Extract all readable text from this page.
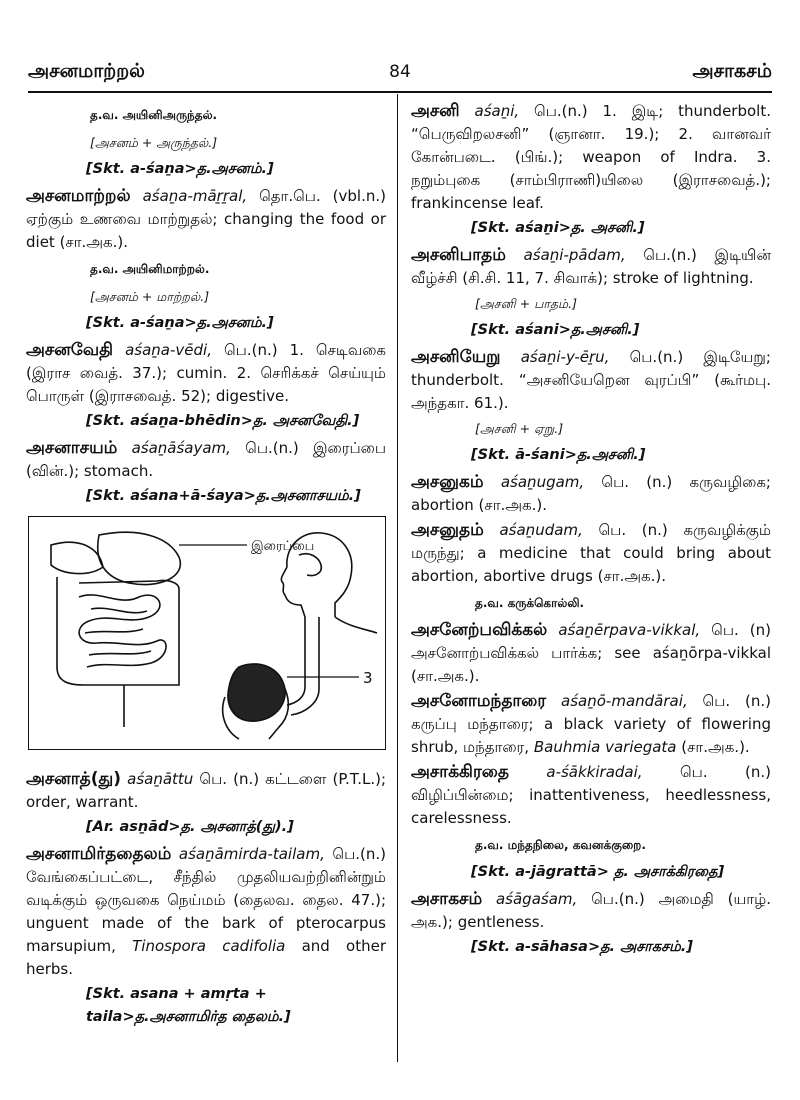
அசனமாற்றல்	84	அசாகசம்
த.வ. அயினிஅருந்தல்.
[அசனம் + அருந்தல்.]
[Skt. a-śaṉa>த.அசனம்.]
அசனமாற்றல் aśaṉa-māṟṟal, தொ.பெ. (vbl.n.) ஏற்கும் உணவை மாற்றுதல்; changing the food or diet (சா.அக.).
த.வ. அயினிமாற்றல்.
[அசனம் + மாற்றல்.]
[Skt. a-śaṉa>த.அசனம்.]
அசனவேதி aśaṉa-vēdi, பெ.(n.) 1. செடிவகை (இராச வைத். 37.); cumin. 2. செரிக்கச் செய்யும் பொருள் (இராசவைத். 52); digestive.
[Skt. aśaṉa-bhēdin>த. அசனவேதி.]
அசனாசயம் aśaṉāśayam, பெ.(n.) இரைப்பை (வின்.); stomach.
[Skt. aśana+ā-śaya>த.அசனாசயம்.]
இரைப்பை
3
அசனாத்(து) aśaṉāttu பெ. (n.) கட்டளை (P.T.L.); order, warrant.
[Ar. asṉād>த. அசனாத்(து).]
அசனாமிர்ததைலம் aśaṉāmirda-tailam, பெ.(n.) வேங்கைப்பட்டை, சீந்தில் முதலியவற்றினின்றும் வடிக்கும் ஒருவகை நெய்மம் (தைலவ. தைல. 47.); unguent made of the bark of pterocarpus marsupium, Tinospora cadifolia and other herbs.
[Skt. asana + amṛta + taila>த.அசனாமிர்த தைலம்.]
அசனி aśaṉi, பெ.(n.) 1. இடி; thunderbolt. “பெருவிறலசனி” (ஞானா. 19.); 2. வானவர் கோன்படை. (பிங்.); weapon of Indra. 3. நறும்புகை (சாம்பிராணி)யிலை (இராசவைத்.); frankincense leaf.
[Skt. aśaṉi>த. அசனி.]
அசனிபாதம் aśaṉi-pādam, பெ.(n.) இடியின் வீழ்ச்சி (சி.சி. 11, 7. சிவாக்); stroke of lightning.
[அசனி + பாதம்.]
[Skt. aśani>த.அசனி.]
அசனியேறு aśaṉi-y-ēṟu, பெ.(n.) இடியேறு; thunderbolt. “அசனியேறென வுரப்பி” (கூர்மபு. அந்தகா. 61.).
[அசனி + ஏறு.]
[Skt. ā-śani>த.அசனி.]
அசனுகம் aśaṉugam, பெ. (n.) கருவழிகை; abortion (சா.அக.).
அசனுதம் aśaṉudam, பெ. (n.) கருவழிக்கும் மருந்து; a medicine that could bring about abortion, abortive drugs (சா.அக.).
த.வ. கருக்கொல்லி.
அசனேற்பவிக்கல் aśaṉērpava-vikkal, பெ. (n) அசனோற்பவிக்கல் பார்க்க; see aśaṉōrpa-vikkal (சா.அக.).
அசனோமந்தாரை aśaṉō-mandārai, பெ. (n.) கருப்பு மந்தாரை; a black variety of flowering shrub, மந்தாரை, Bauhmia variegata (சா.அக.).
அசாக்கிரதை a-śākkiradai, பெ. (n.) விழிப்பின்மை; inattentiveness, heedlessness, carelessness.
த.வ. மந்தநிலை, கவனக்குறை.
[Skt. a-jāgrattā> த. அசாக்கிரதை]
அசாகசம் aśāgaśam, பெ.(n.) அமைதி (யாழ். அக.); gentleness.
[Skt. a-sāhasa>த. அசாகசம்.]
